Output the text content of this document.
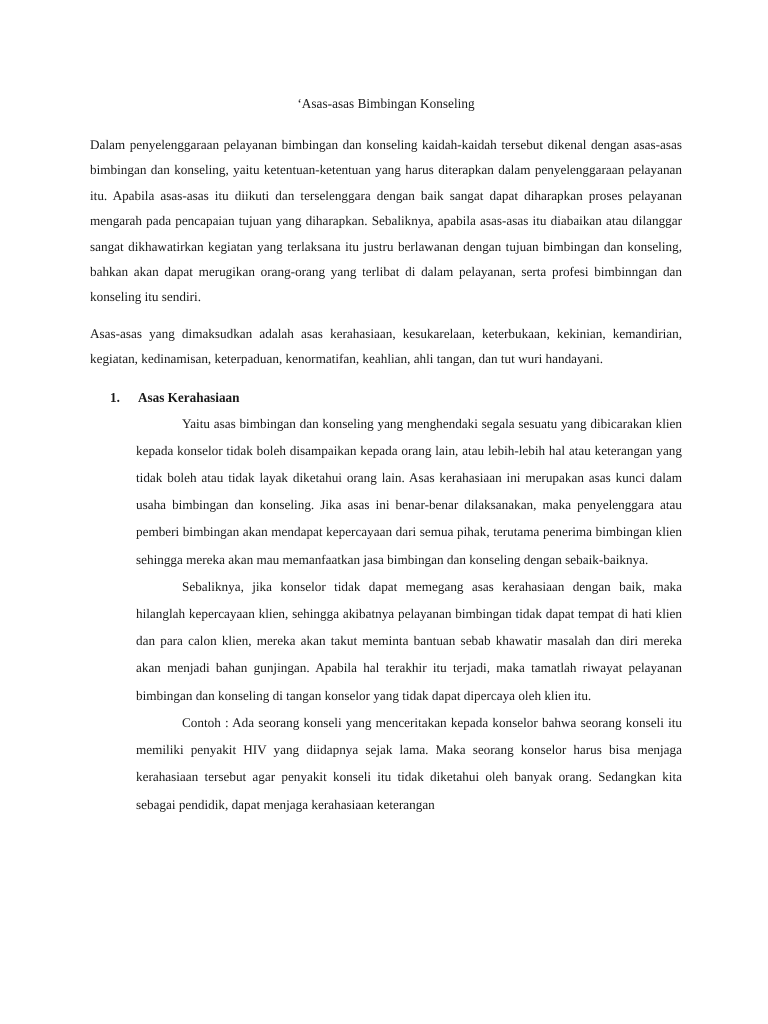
‘Asas-asas Bimbingan Konseling

Dalam penyelenggaraan pelayanan bimbingan dan konseling kaidah-kaidah tersebut dikenal dengan asas-asas bimbingan dan konseling, yaitu ketentuan-ketentuan yang harus diterapkan dalam penyelenggaraan pelayanan itu. Apabila asas-asas itu diikuti dan terselenggara dengan baik sangat dapat diharapkan proses pelayanan mengarah pada pencapaian tujuan yang diharapkan. Sebaliknya, apabila asas-asas itu diabaikan atau dilanggar sangat dikhawatirkan kegiatan yang terlaksana itu justru berlawanan dengan tujuan bimbingan dan konseling, bahkan akan dapat merugikan orang-orang yang terlibat di dalam pelayanan, serta profesi bimbinngan dan konseling itu sendiri.

Asas-asas yang dimaksudkan adalah asas kerahasiaan, kesukarelaan, keterbukaan, kekinian, kemandirian, kegiatan, kedinamisan, keterpaduan, kenormatifan, keahlian, ahli tangan, dan tut wuri handayani.

1.	Asas Kerahasiaan

Yaitu asas bimbingan dan konseling yang menghendaki segala sesuatu yang dibicarakan klien kepada konselor tidak boleh disampaikan kepada orang lain, atau lebih-lebih hal atau keterangan yang tidak boleh atau tidak layak diketahui orang lain. Asas kerahasiaan ini merupakan asas kunci dalam usaha bimbingan dan konseling. Jika asas ini benar-benar dilaksanakan, maka penyelenggara atau pemberi bimbingan akan mendapat kepercayaan dari semua pihak, terutama penerima bimbingan klien sehingga mereka akan mau memanfaatkan jasa bimbingan dan konseling dengan sebaik-baiknya.

Sebaliknya, jika konselor tidak dapat memegang asas kerahasiaan dengan baik, maka hilanglah kepercayaan klien, sehingga akibatnya pelayanan bimbingan tidak dapat tempat di hati klien dan para calon klien, mereka akan takut meminta bantuan sebab khawatir masalah dan diri mereka akan menjadi bahan gunjingan. Apabila hal terakhir itu terjadi, maka tamatlah riwayat pelayanan bimbingan dan konseling di tangan konselor yang tidak dapat dipercaya oleh klien itu.

Contoh : Ada seorang konseli yang menceritakan kepada konselor bahwa seorang konseli itu memiliki penyakit HIV yang diidapnya sejak lama. Maka seorang konselor harus bisa menjaga kerahasiaan tersebut agar penyakit konseli itu tidak diketahui oleh banyak orang. Sedangkan kita sebagai pendidik, dapat menjaga kerahasiaan keterangan
